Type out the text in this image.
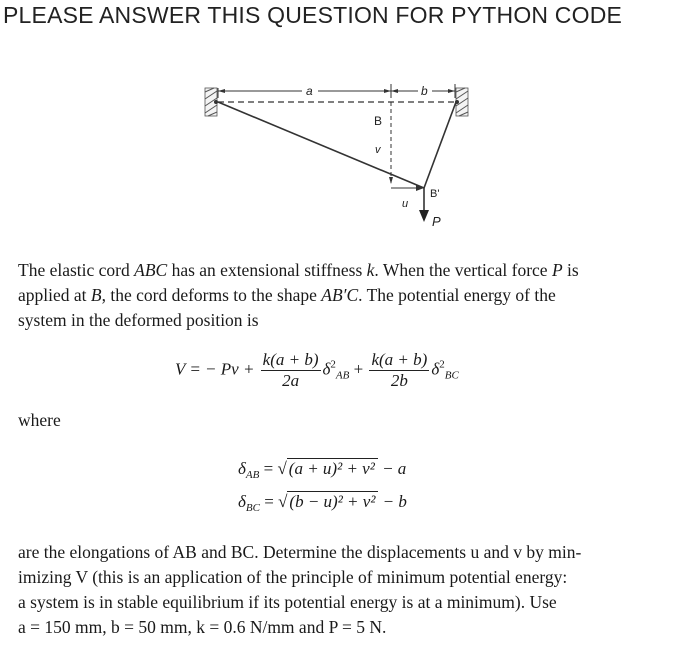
PLEASE ANSWER THIS QUESTION FOR PYTHON CODE
a	b
B
v
u
B'
P
The elastic cord ABC has an extensional stiffness k. When the vertical force P is
applied at B, the cord deforms to the shape AB′C. The potential energy of the
system in the deformed position is
V = − $Pv + \frac{k(a + b)}{2a} \delta^2_{AB} + \frac{k(a + b)}{2b} \delta^2_{BC}$
where
$\delta_{AB}$ = √ (a + u)² + v² − a
$\delta_{BC}$ = √ (b − u)² + v² − b
are the elongations of AB and BC. Determine the displacements u and v by min-
imizing V (this is an application of the principle of minimum potential energy:
a system is in stable equilibrium if its potential energy is at a minimum). Use
a = 150 mm, b = 50 mm, k = 0.6 N/mm and P = 5 N.
